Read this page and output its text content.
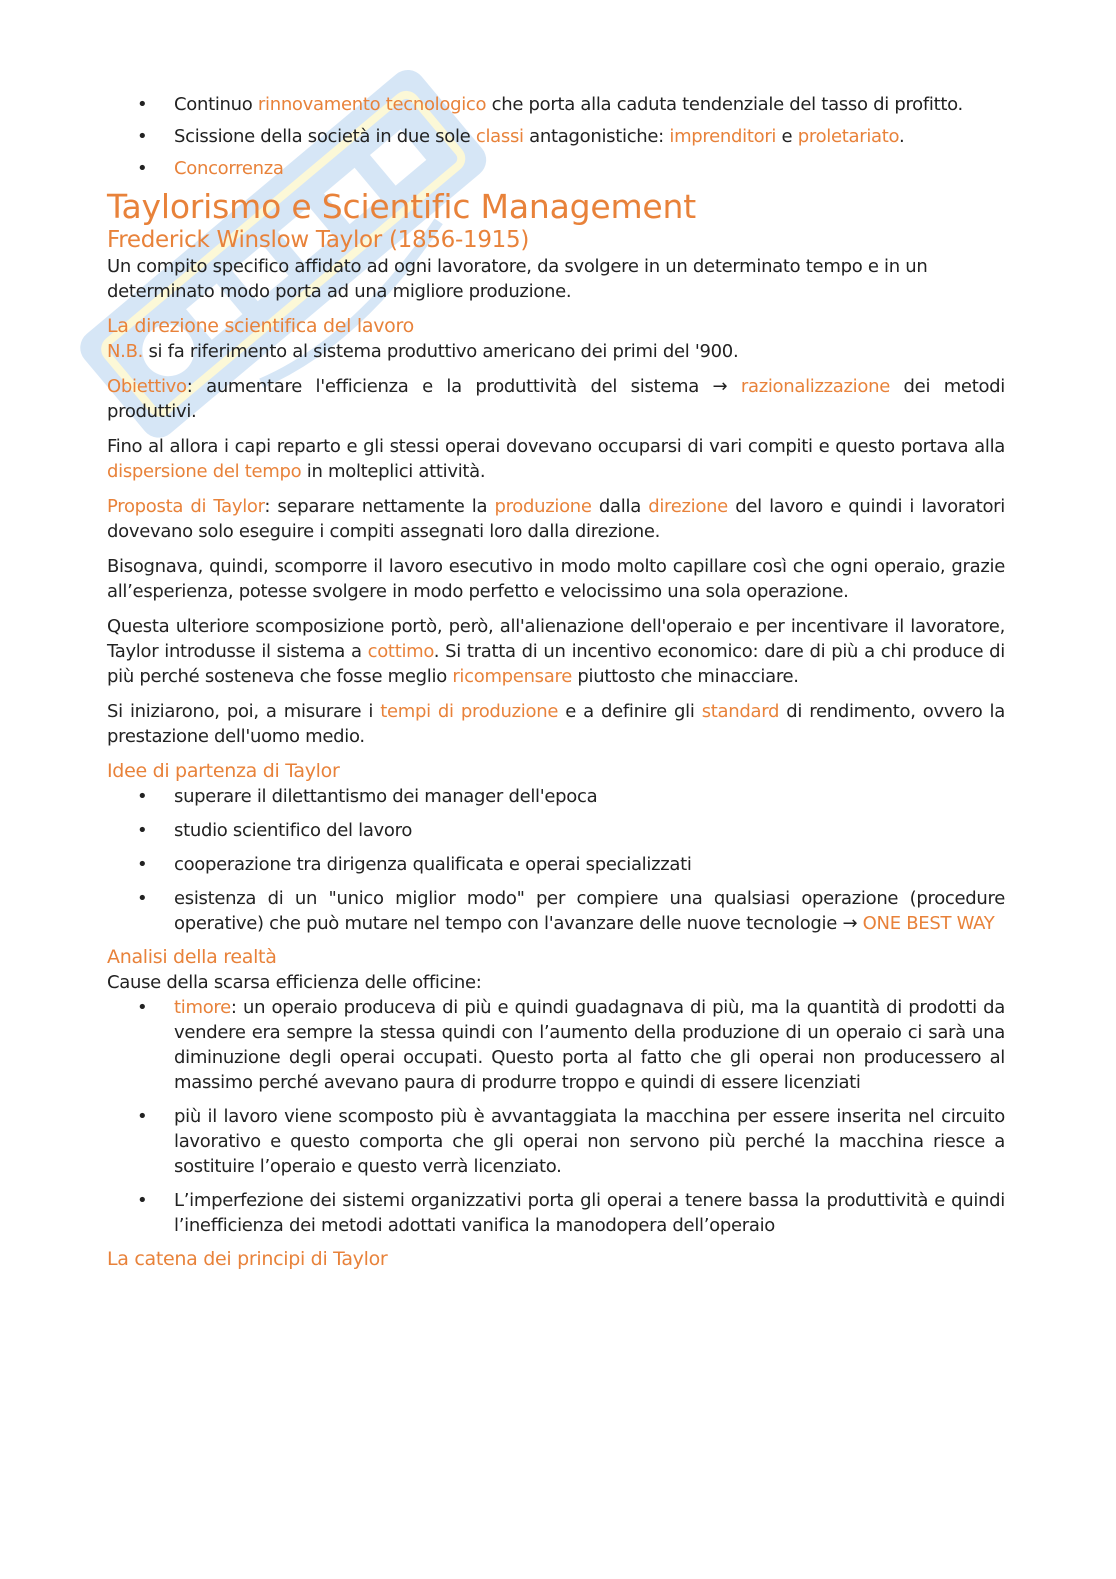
• Continuo rinnovamento tecnologico che porta alla caduta tendenziale del tasso di profitto.
• Scissione della società in due sole classi antagonistiche: imprenditori e proletariato.
• Concorrenza
Taylorismo e Scientific Management
Frederick Winslow Taylor (1856-1915)

Un compito specifico affidato ad ogni lavoratore, da svolgere in un determinato tempo e in un determinato modo porta ad una migliore produzione.

La direzione scientifica del lavoro

N.B. si fa riferimento al sistema produttivo americano dei primi del '900.

Obiettivo: aumentare l'efficienza e la produttività del sistema → razionalizzazione dei metodi produttivi.

Fino al allora i capi reparto e gli stessi operai dovevano occuparsi di vari compiti e questo portava alla dispersione del tempo in molteplici attività.

Proposta di Taylor: separare nettamente la produzione dalla direzione del lavoro e quindi i lavoratori dovevano solo eseguire i compiti assegnati loro dalla direzione.

Bisognava, quindi, scomporre il lavoro esecutivo in modo molto capillare così che ogni operaio, grazie all’esperienza, potesse svolgere in modo perfetto e velocissimo una sola operazione.

Questa ulteriore scomposizione portò, però, all'alienazione dell'operaio e per incentivare il lavoratore, Taylor introdusse il sistema a cottimo. Si tratta di un incentivo economico: dare di più a chi produce di più perché sosteneva che fosse meglio ricompensare piuttosto che minacciare.

Si iniziarono, poi, a misurare i tempi di produzione e a definire gli standard di rendimento, ovvero la prestazione dell'uomo medio.

Idee di partenza di Taylor
• superare il dilettantismo dei manager dell'epoca
• studio scientifico del lavoro
• cooperazione tra dirigenza qualificata e operai specializzati
• esistenza di un "unico miglior modo" per compiere una qualsiasi operazione (procedure operative) che può mutare nel tempo con l'avanzare delle nuove tecnologie → ONE BEST WAY
Analisi della realtà

Cause della scarsa efficienza delle officine:

• timore: un operaio produceva di più e quindi guadagnava di più, ma la quantità di prodotti da vendere era sempre la stessa quindi con l’aumento della produzione di un operaio ci sarà una diminuzione degli operai occupati. Questo porta al fatto che gli operai non producessero al massimo perché avevano paura di produrre troppo e quindi di essere licenziati
• più il lavoro viene scomposto più è avvantaggiata la macchina per essere inserita nel circuito lavorativo e questo comporta che gli operai non servono più perché la macchina riesce a sostituire l’operaio e questo verrà licenziato.
• L’imperfezione dei sistemi organizzativi porta gli operai a tenere bassa la produttività e quindi l’inefficienza dei metodi adottati vanifica la manodopera dell’operaio
La catena dei principi di Taylor
